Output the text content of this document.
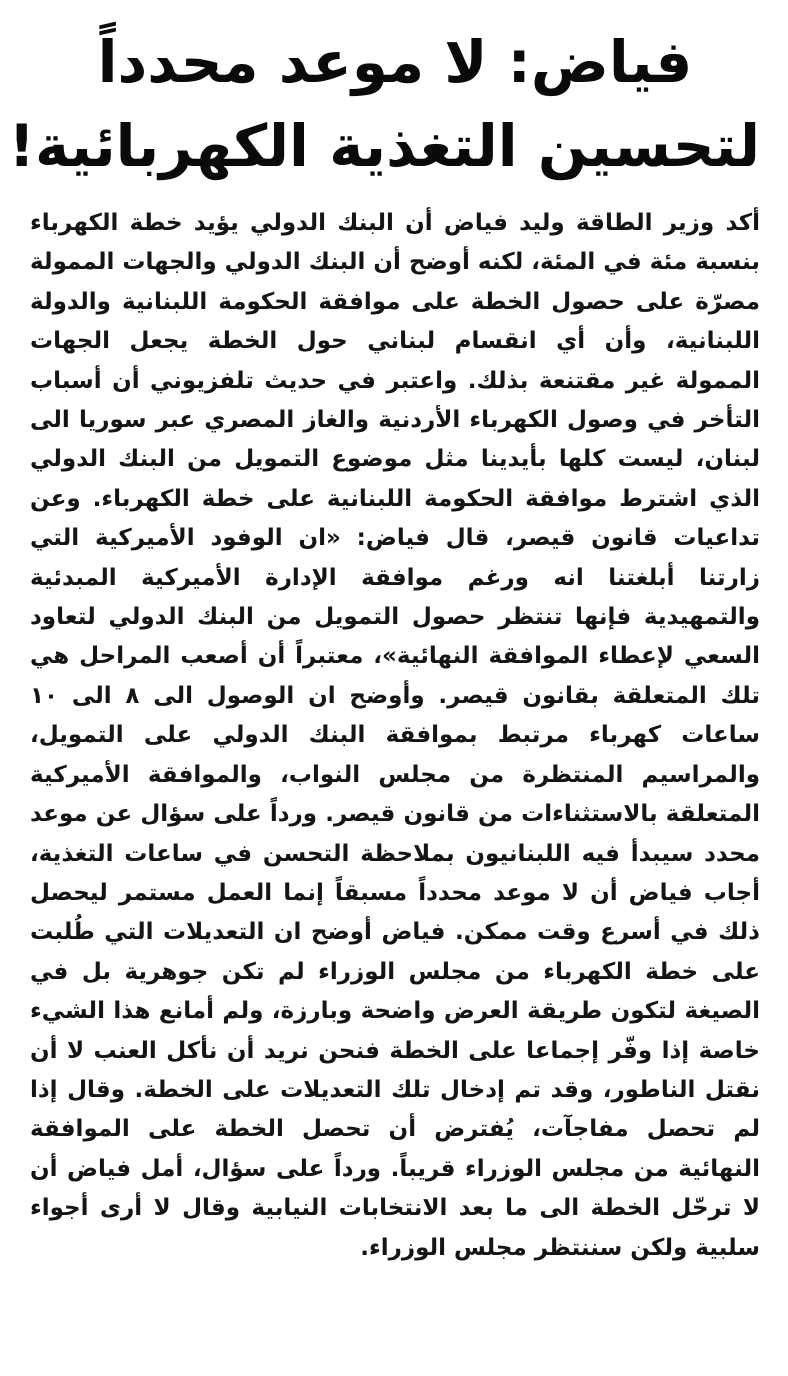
فياض: لا موعد محدداً
لتحسين التغذية الكهربائية!

أكد وزير الطاقة وليد فياض أن البنك الدولي يؤيد خطة الكهرباء بنسبة مئة في المئة، لكنه أوضح أن البنك الدولي والجهات الممولة مصرّة على حصول الخطة على موافقة الحكومة اللبنانية والدولة اللبنانية، وأن أي انقسام لبناني حول الخطة يجعل الجهات الممولة غير مقتنعة بذلك. واعتبر في حديث تلفزيوني أن أسباب التأخر في وصول الكهرباء الأردنية والغاز المصري عبر سوريا الى لبنان، ليست كلها بأيدينا مثل موضوع التمويل من البنك الدولي الذي اشترط موافقة الحكومة اللبنانية على خطة الكهرباء. وعن تداعيات قانون قيصر، قال فياض: «ان الوفود الأميركية التي زارتنا أبلغتنا انه ورغم موافقة الإدارة الأميركية المبدئية والتمهيدية فإنها تنتظر حصول التمويل من البنك الدولي لتعاود السعي لإعطاء الموافقة النهائية»، معتبراً أن أصعب المراحل هي تلك المتعلقة بقانون قيصر. وأوضح ان الوصول الى ٨ الى ١٠ ساعات كهرباء مرتبط بموافقة البنك الدولي على التمويل، والمراسيم المنتظرة من مجلس النواب، والموافقة الأميركية المتعلقة بالاستثناءات من قانون قيصر. ورداً على سؤال عن موعد محدد سيبدأ فيه اللبنانيون بملاحظة التحسن في ساعات التغذية، أجاب فياض أن لا موعد محدداً مسبقاً إنما العمل مستمر ليحصل ذلك في أسرع وقت ممكن. فياض أوضح ان التعديلات التي طُلبت على خطة الكهرباء من مجلس الوزراء لم تكن جوهرية بل في الصيغة لتكون طريقة العرض واضحة وبارزة، ولم أمانع هذا الشيء خاصة إذا وفّر إجماعا على الخطة فنحن نريد أن نأكل العنب لا أن نقتل الناطور، وقد تم إدخال تلك التعديلات على الخطة. وقال إذا لم تحصل مفاجآت، يُفترض أن تحصل الخطة على الموافقة النهائية من مجلس الوزراء قريباً. ورداً على سؤال، أمل فياض أن لا ترحّل الخطة الى ما بعد الانتخابات النيابية وقال لا أرى أجواء سلبية ولكن سننتظر مجلس الوزراء.
